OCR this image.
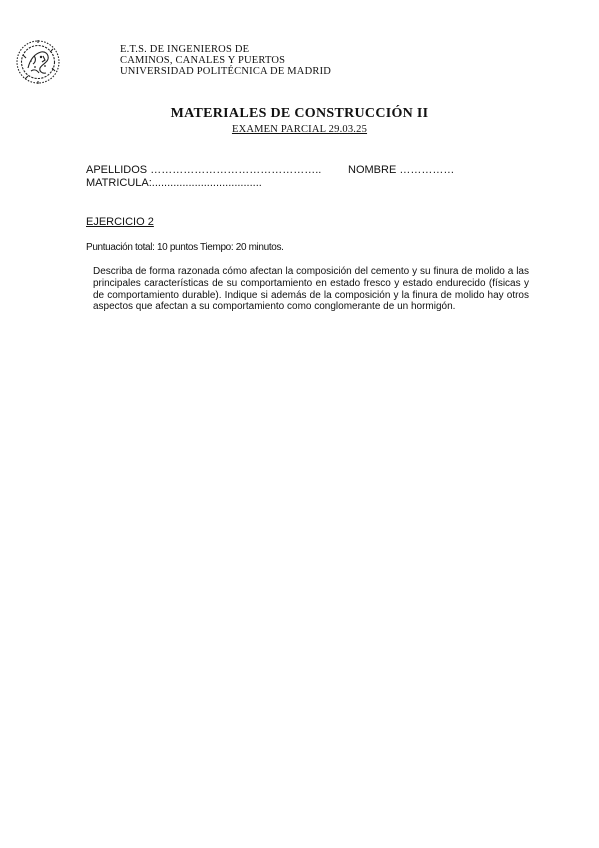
E.T.S. DE INGENIEROS DE
CAMINOS, CANALES Y PUERTOS
UNIVERSIDAD POLITÉCNICA DE MADRID
MATERIALES DE CONSTRUCCIÓN II
EXAMEN PARCIAL 29.03.25
APELLIDOS ……………………………………….. NOMBRE ……………
MATRICULA:....................................
EJERCICIO 2
Puntuación total: 10 puntos Tiempo: 20 minutos.
Describa de forma razonada cómo afectan la composición del cemento y su finura de molido a las principales características de su comportamiento en estado fresco y estado endurecido (físicas y de comportamiento durable). Indique si además de la composición y la finura de molido hay otros aspectos que afectan a su comportamiento como conglomerante de un hormigón.
